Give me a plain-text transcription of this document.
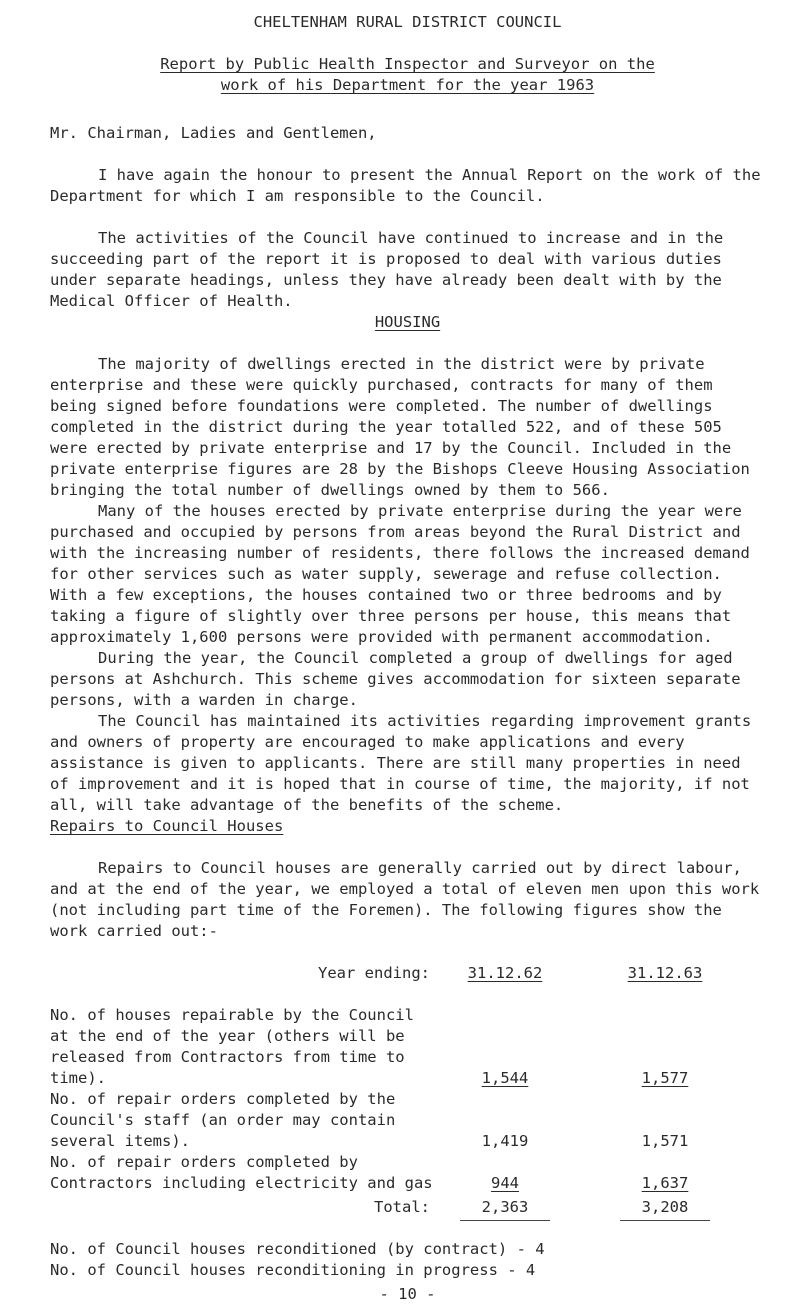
CHELTENHAM RURAL DISTRICT COUNCIL
Report by Public Health Inspector and Surveyor on the
work of his Department for the year 1963
Mr. Chairman, Ladies and Gentlemen,

I have again the honour to present the Annual Report on the work of the Department for which I am responsible to the Council.

The activities of the Council have continued to increase and in the succeeding part of the report it is proposed to deal with various duties under separate headings, unless they have already been dealt with by the Medical Officer of Health.

HOUSING

The majority of dwellings erected in the district were by private enterprise and these were quickly purchased, contracts for many of them being signed before foundations were completed. The number of dwellings completed in the district during the year totalled 522, and of these 505 were erected by private enterprise and 17 by the Council. Included in the private enterprise figures are 28 by the Bishops Cleeve Housing Association bringing the total number of dwellings owned by them to 566.

Many of the houses erected by private enterprise during the year were purchased and occupied by persons from areas beyond the Rural District and with the increasing number of residents, there follows the increased demand for other services such as water supply, sewerage and refuse collection. With a few exceptions, the houses contained two or three bedrooms and by taking a figure of slightly over three persons per house, this means that approximately 1,600 persons were provided with permanent accommodation.

During the year, the Council completed a group of dwellings for aged persons at Ashchurch. This scheme gives accommodation for sixteen separate persons, with a warden in charge.

The Council has maintained its activities regarding improvement grants and owners of property are encouraged to make applications and every assistance is given to applicants. There are still many properties in need of improvement and it is hoped that in course of time, the majority, if not all, will take advantage of the benefits of the scheme.

Repairs to Council Houses

Repairs to Council houses are generally carried out by direct labour, and at the end of the year, we employed a total of eleven men upon this work (not including part time of the Foremen). The following figures show the work carried out:-

Year ending:	31.12.62	31.12.63
No. of houses repairable by the Council
at the end of the year (others will be
released from Contractors from time to
time).	1,544	1,577
No. of repair orders completed by the
Council's staff (an order may contain
several items).	1,419	1,571
No. of repair orders completed by
Contractors including electricity and gas	944	1,637
Total:	2,363	3,208
No. of Council houses reconditioned (by contract) - 4
No. of Council houses reconditioning in progress - 4
- 10 -
